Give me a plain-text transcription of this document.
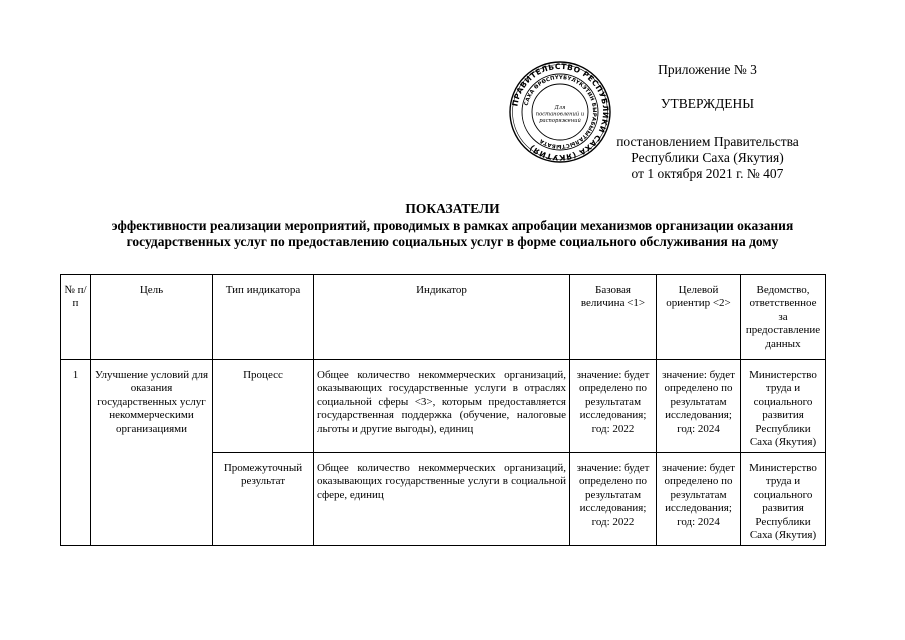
ПРАВИТЕЛЬСТВО РЕСПУБЛИКИ САХА (ЯКУТИЯ)
САХА ӨРӨСПҮҮБҮЛҮКЭТИН БЫРАБЫЫТАЛЫСТЫБАТА
Для
постановлений и
распоряжений
Приложение № 3
УТВЕРЖДЕНЫ
постановлением Правительства
Республики Саха (Якутия)
от 1 октября 2021 г. № 407
ПОКАЗАТЕЛИ
эффективности реализации мероприятий, проводимых в рамках апробации механизмов организации оказания
государственных услуг по предоставлению социальных услуг в форме социального обслуживания на дому
№ п/п	Цель	Тип индикатора	Индикатор	Базовая величина <1>	Целевой ориентир <2>	Ведомство, ответственное за предоставление данных
1	Улучшение условий для оказания государственных услуг некоммерческими организациями	Процесс	Общее количество некоммерческих организаций, оказывающих государственные услуги в отраслях социальной сферы <3>, которым предоставляется государственная поддержка (обучение, налоговые льготы и другие выгоды), единиц	значение: будет определено по результатам исследования; год: 2022	значение: будет определено по результатам исследования; год: 2024	Министерство труда и социального развития Республики Саха (Якутия)
		Промежуточный результат	Общее количество некоммерческих организаций, оказывающих государственные услуги в социальной сфере, единиц	значение: будет определено по результатам исследования; год: 2022	значение: будет определено по результатам исследования; год: 2024	Министерство труда и социального развития Республики Саха (Якутия)
